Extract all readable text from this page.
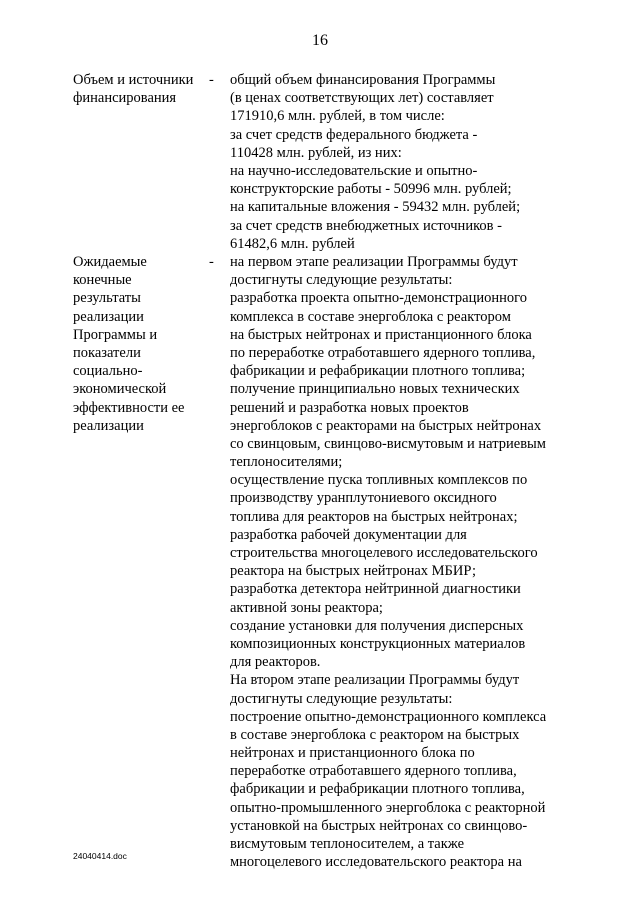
16
Объем и источники
финансирования
- общий объем финансирования Программы
(в ценах соответствующих лет) составляет
171910,6 млн. рублей, в том числе:
за счет средств федерального бюджета -
110428 млн. рублей, из них:
на научно-исследовательские и опытно-
конструкторские работы - 50996 млн. рублей;
на капитальные вложения - 59432 млн. рублей;
за счет средств внебюджетных источников -
61482,6 млн. рублей
Ожидаемые
конечные
результаты
реализации
Программы и
показатели
социально-
экономической
эффективности ее
реализации
- на первом этапе реализации Программы будут
достигнуты следующие результаты:
разработка проекта опытно-демонстрационного
комплекса в составе энергоблока с реактором
на быстрых нейтронах и пристанционного блока
по переработке отработавшего ядерного топлива,
фабрикации и рефабрикации плотного топлива;
получение принципиально новых технических
решений и разработка новых проектов
энергоблоков с реакторами на быстрых нейтронах
со свинцовым, свинцово-висмутовым и натриевым
теплоносителями;
осуществление пуска топливных комплексов по
производству уранплутониевого оксидного
топлива для реакторов на быстрых нейтронах;
разработка рабочей документации для
строительства многоцелевого исследовательского
реактора на быстрых нейтронах МБИР;
разработка детектора нейтринной диагностики
активной зоны реактора;
создание установки для получения дисперсных
композиционных конструкционных материалов
для реакторов.
На втором этапе реализации Программы будут
достигнуты следующие результаты:
построение опытно-демонстрационного комплекса
в составе энергоблока с реактором на быстрых
нейтронах и пристанционного блока по
переработке отработавшего ядерного топлива,
фабрикации и рефабрикации плотного топлива,
опытно-промышленного энергоблока с реакторной
установкой на быстрых нейтронах со свинцово-
висмутовым теплоносителем, а также
многоцелевого исследовательского реактора на
24040414.doc
